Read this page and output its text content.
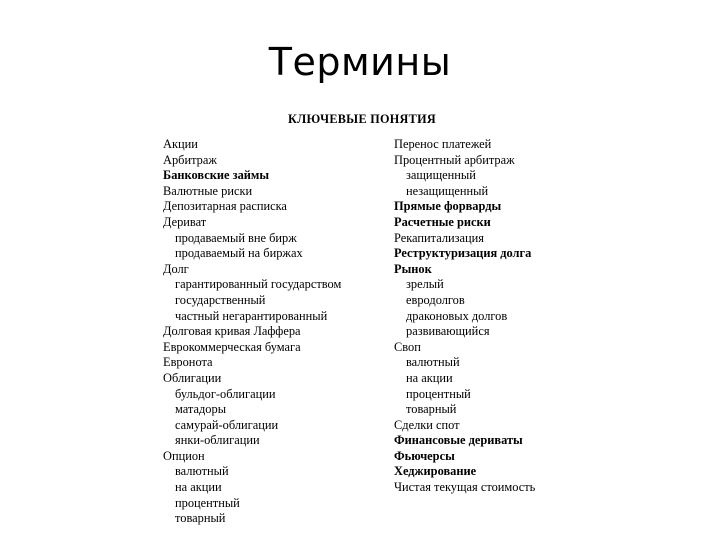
Термины
КЛЮЧЕВЫЕ ПОНЯТИЯ
Акции
Арбитраж
Банковские займы
Валютные риски
Депозитарная расписка
Дериват
продаваемый вне бирж
продаваемый на биржах
Долг
гарантированный государством
государственный
частный негарантированный
Долговая кривая Лаффера
Еврокоммерческая бумага
Евронота
Облигации
бульдог-облигации
матадоры
самурай-облигации
янки-облигации
Опцион
валютный
на акции
процентный
товарный
Перенос платежей
Процентный арбитраж
защищенный
незащищенный
Прямые форварды
Расчетные риски
Рекапитализация
Реструктуризация долга
Рынок
зрелый
евродолгов
драконовых долгов
развивающийся
Своп
валютный
на акции
процентный
товарный
Сделки спот
Финансовые дериваты
Фьючерсы
Хеджирование
Чистая текущая стоимость
